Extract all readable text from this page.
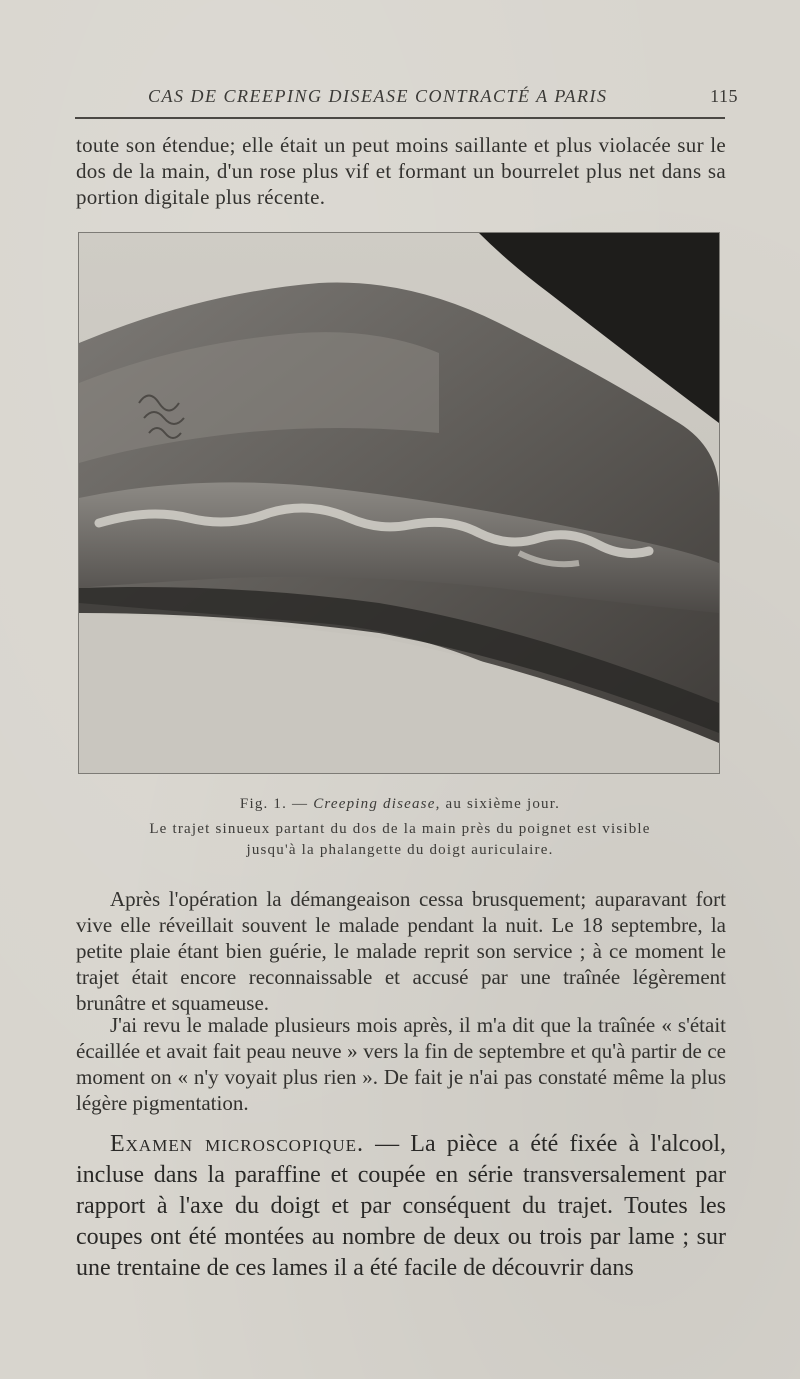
CAS DE CREEPING DISEASE CONTRACTÉ A PARIS	115
toute son étendue; elle était un peut moins saillante et plus violacée sur le dos de la main, d'un rose plus vif et formant un bourrelet plus net dans sa portion digitale plus récente.
Fig. 1. — Creeping disease, au sixième jour.
Le trajet sinueux partant du dos de la main près du poignet est visible
jusqu'à la phalangette du doigt auriculaire.
Après l'opération la démangeaison cessa brusquement; auparavant fort vive elle réveillait souvent le malade pendant la nuit. Le 18 septembre, la petite plaie étant bien guérie, le malade reprit son service ; à ce moment le trajet était encore reconnaissable et accusé par une traînée légèrement brunâtre et squameuse.
J'ai revu le malade plusieurs mois après, il m'a dit que la traînée « s'était écaillée et avait fait peau neuve » vers la fin de septembre et qu'à partir de ce moment on « n'y voyait plus rien ». De fait je n'ai pas constaté même la plus légère pigmentation.
Examen microscopique. — La pièce a été fixée à l'alcool, incluse dans la paraffine et coupée en série transversalement par rapport à l'axe du doigt et par conséquent du trajet. Toutes les coupes ont été montées au nombre de deux ou trois par lame ; sur une trentaine de ces lames il a été facile de découvrir dans
